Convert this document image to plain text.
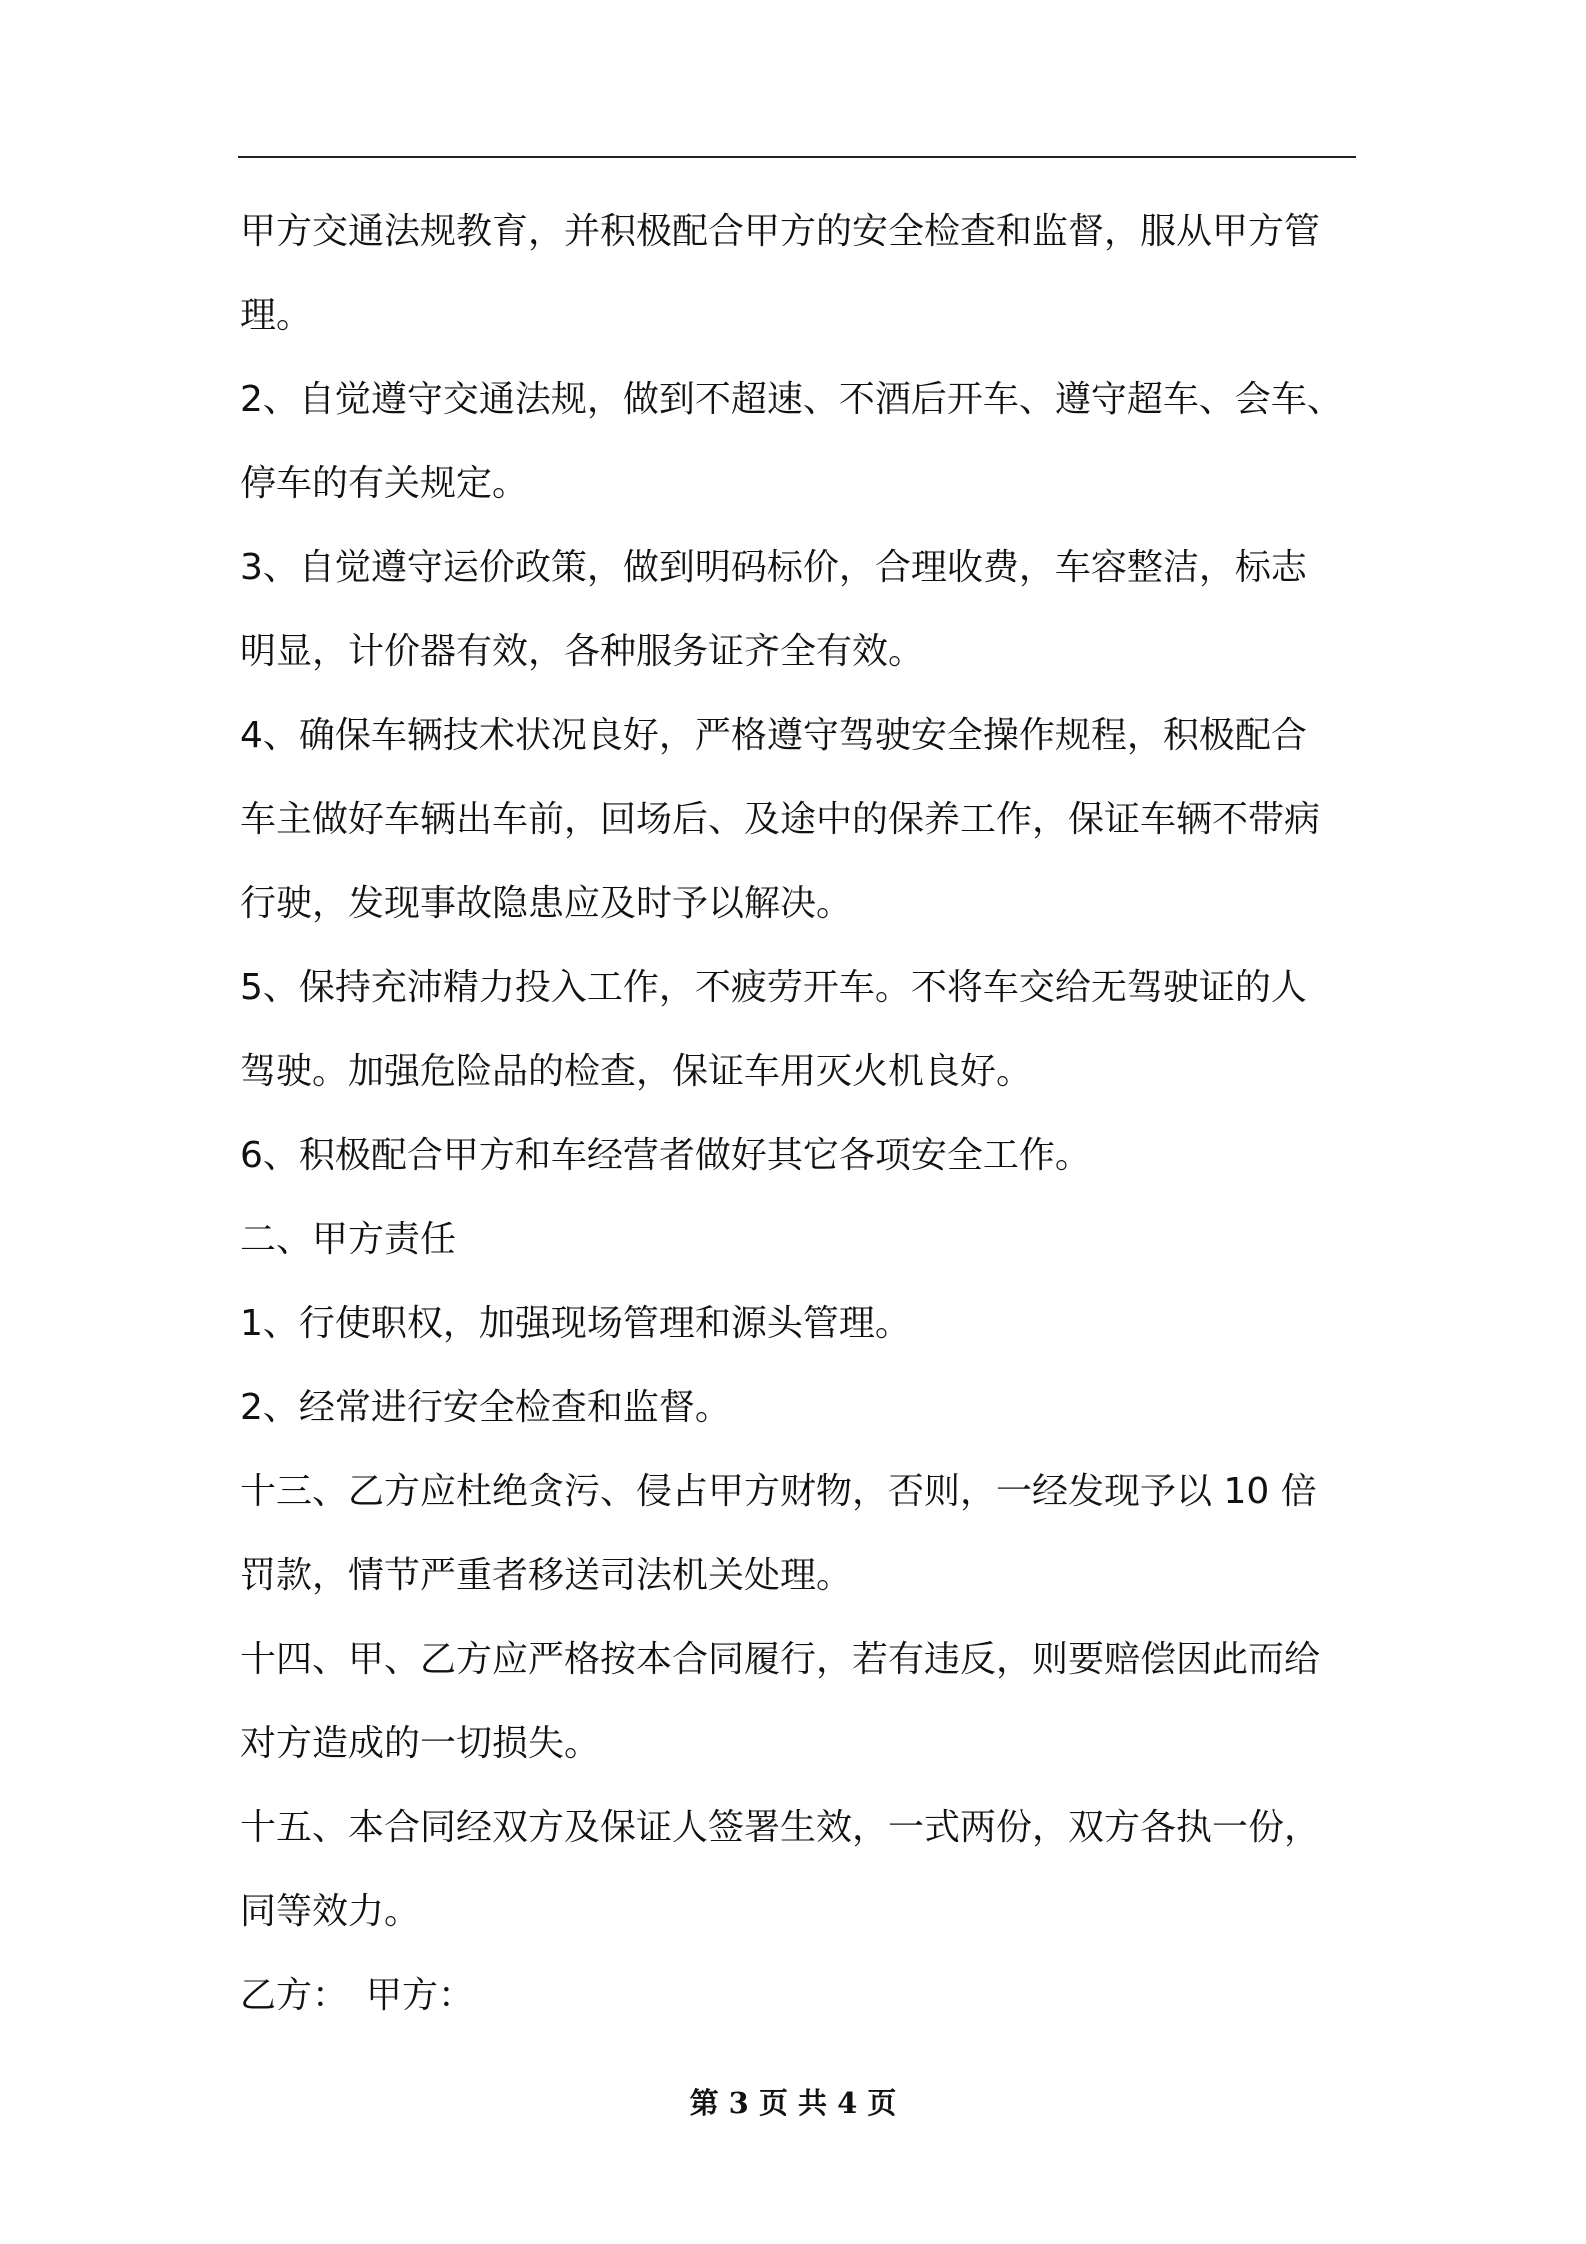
甲方交通法规教育，并积极配合甲方的安全检查和监督，服从甲方管
理。
2、自觉遵守交通法规，做到不超速、不酒后开车、遵守超车、会车、
停车的有关规定。
3、自觉遵守运价政策，做到明码标价，合理收费，车容整洁，标志
明显，计价器有效，各种服务证齐全有效。
4、确保车辆技术状况良好，严格遵守驾驶安全操作规程，积极配合
车主做好车辆出车前，回场后、及途中的保养工作，保证车辆不带病
行驶，发现事故隐患应及时予以解决。
5、保持充沛精力投入工作，不疲劳开车。不将车交给无驾驶证的人
驾驶。加强危险品的检查，保证车用灭火机良好。
6、积极配合甲方和车经营者做好其它各项安全工作。
二、甲方责任
1、行使职权，加强现场管理和源头管理。
2、经常进行安全检查和监督。
十三、乙方应杜绝贪污、侵占甲方财物，否则，一经发现予以 10 倍
罚款，情节严重者移送司法机关处理。
十四、甲、乙方应严格按本合同履行，若有违反，则要赔偿因此而给
对方造成的一切损失。
十五、本合同经双方及保证人签署生效，一式两份，双方各执一份，
同等效力。
乙方：　甲方：
第 3 页 共 4 页
